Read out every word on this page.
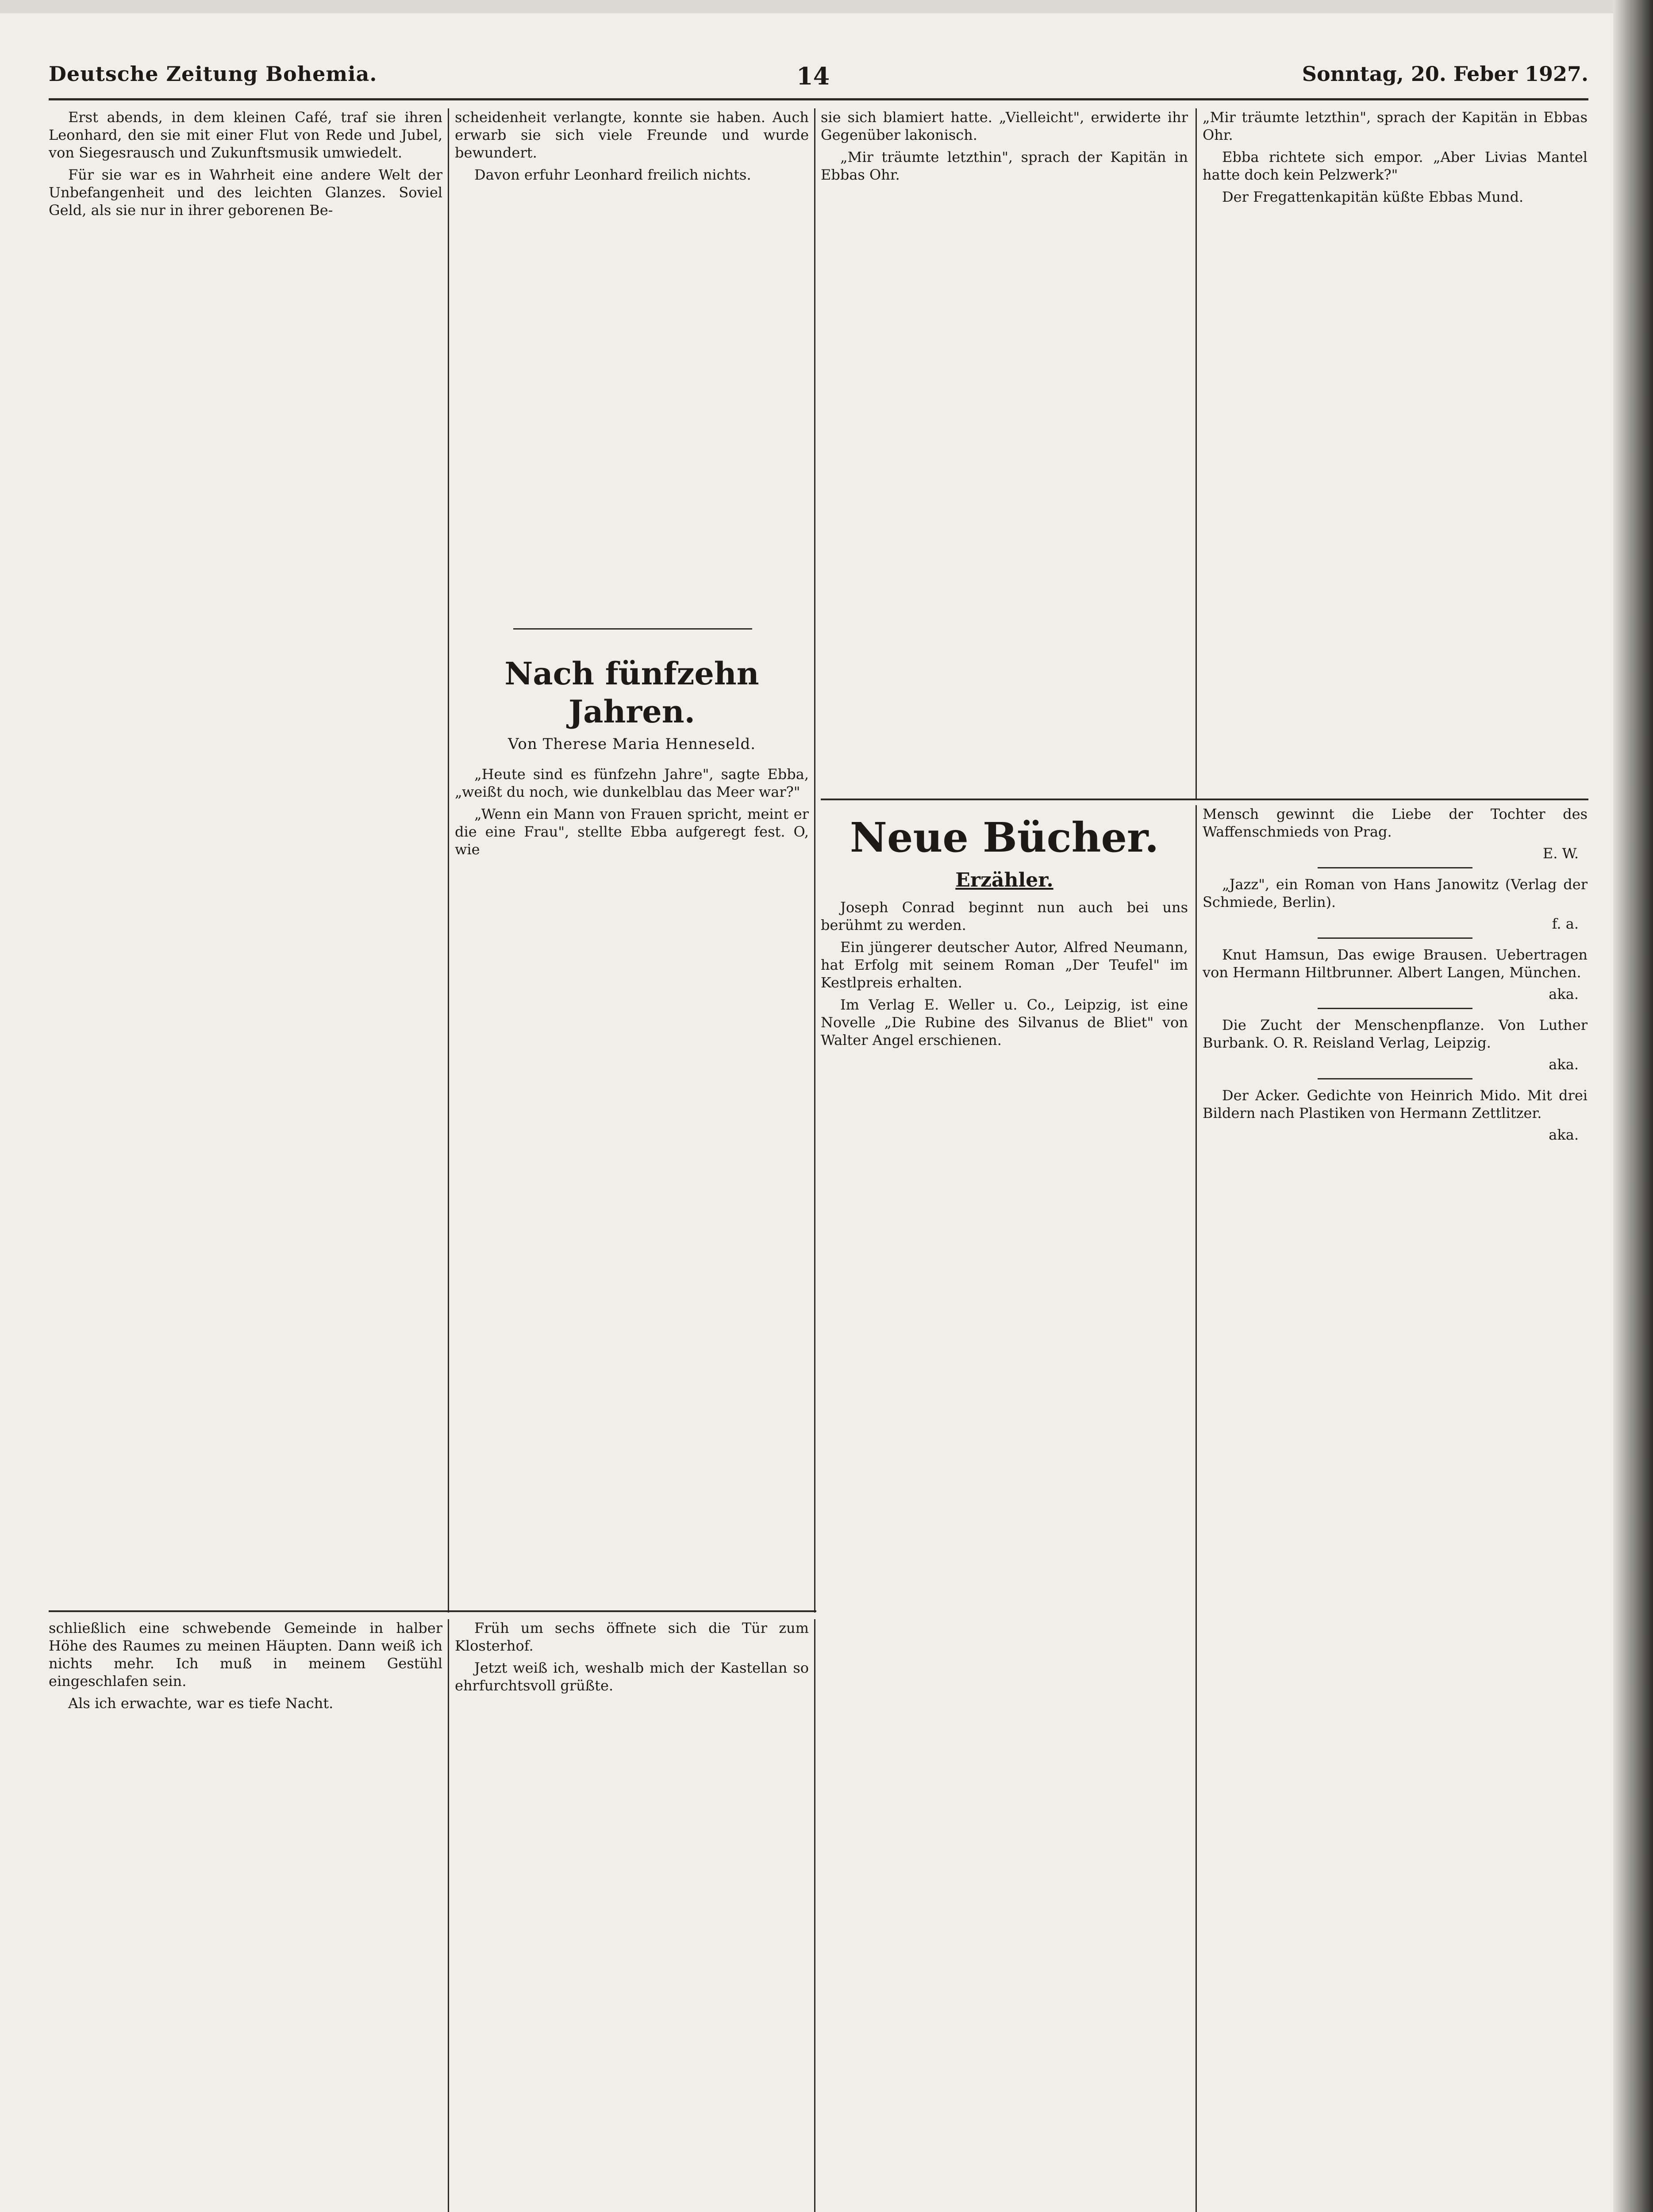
Deutsche Zeitung Bohemia.	14	Sonntag, 20. Feber 1927.

Erst abends, in dem kleinen Café, traf sie ihren Leonhard, den sie mit einer Flut von Rede und Jubel, von Siegesrausch und Zukunftsmusik umwiedelt.

Für sie war es in Wahrheit eine andere Welt der Unbefangenheit und des leichten Glanzes. Soviel Geld, als sie nur in ihrer geborenen Be-

scheidenheit verlangte, konnte sie haben. Auch erwarb sie sich viele Freunde und wurde bewundert.

Davon erfuhr Leonhard freilich nichts.

Nach fünfzehn Jahren.
Von Therese Maria Henneseld.

„Heute sind es fünfzehn Jahre", sagte Ebba, „weißt du noch, wie dunkelblau das Meer war?"

„Wenn ein Mann von Frauen spricht, meint er die eine Frau", stellte Ebba aufgeregt fest. O, wie

sie sich blamiert hatte. „Vielleicht", erwiderte ihr Gegenüber lakonisch.

„Mir träumte letzthin", sprach der Kapitän in Ebbas Ohr.

„Mir träumte letzthin", sprach der Kapitän in Ebbas Ohr.

Ebba richtete sich empor. „Aber Livias Mantel hatte doch kein Pelzwerk?"

Der Fregattenkapitän küßte Ebbas Mund.

Neue Bücher.
Erzähler.

Joseph Conrad beginnt nun auch bei uns berühmt zu werden.

Ein jüngerer deutscher Autor, Alfred Neumann, hat Erfolg mit seinem Roman „Der Teufel" im Kestlpreis erhalten.

Im Verlag E. Weller u. Co., Leipzig, ist eine Novelle „Die Rubine des Silvanus de Bliet" von Walter Angel erschienen.

Mensch gewinnt die Liebe der Tochter des Waffenschmieds von Prag.

E. W.

„Jazz", ein Roman von Hans Janowitz (Verlag der Schmiede, Berlin).

f. a.

Knut Hamsun, Das ewige Brausen. Uebertragen von Hermann Hiltbrunner. Albert Langen, München.

aka.

Die Zucht der Menschenpflanze. Von Luther Burbank. O. R. Reisland Verlag, Leipzig.

aka.

Der Acker. Gedichte von Heinrich Mido. Mit drei Bildern nach Plastiken von Hermann Zettlitzer.

aka.

schließlich eine schwebende Gemeinde in halber Höhe des Raumes zu meinen Häupten. Dann weiß ich nichts mehr. Ich muß in meinem Gestühl eingeschlafen sein.

Als ich erwachte, war es tiefe Nacht.

Früh um sechs öffnete sich die Tür zum Klosterhof.

Jetzt weiß ich, weshalb mich der Kastellan so ehrfurchtsvoll grüßte.
